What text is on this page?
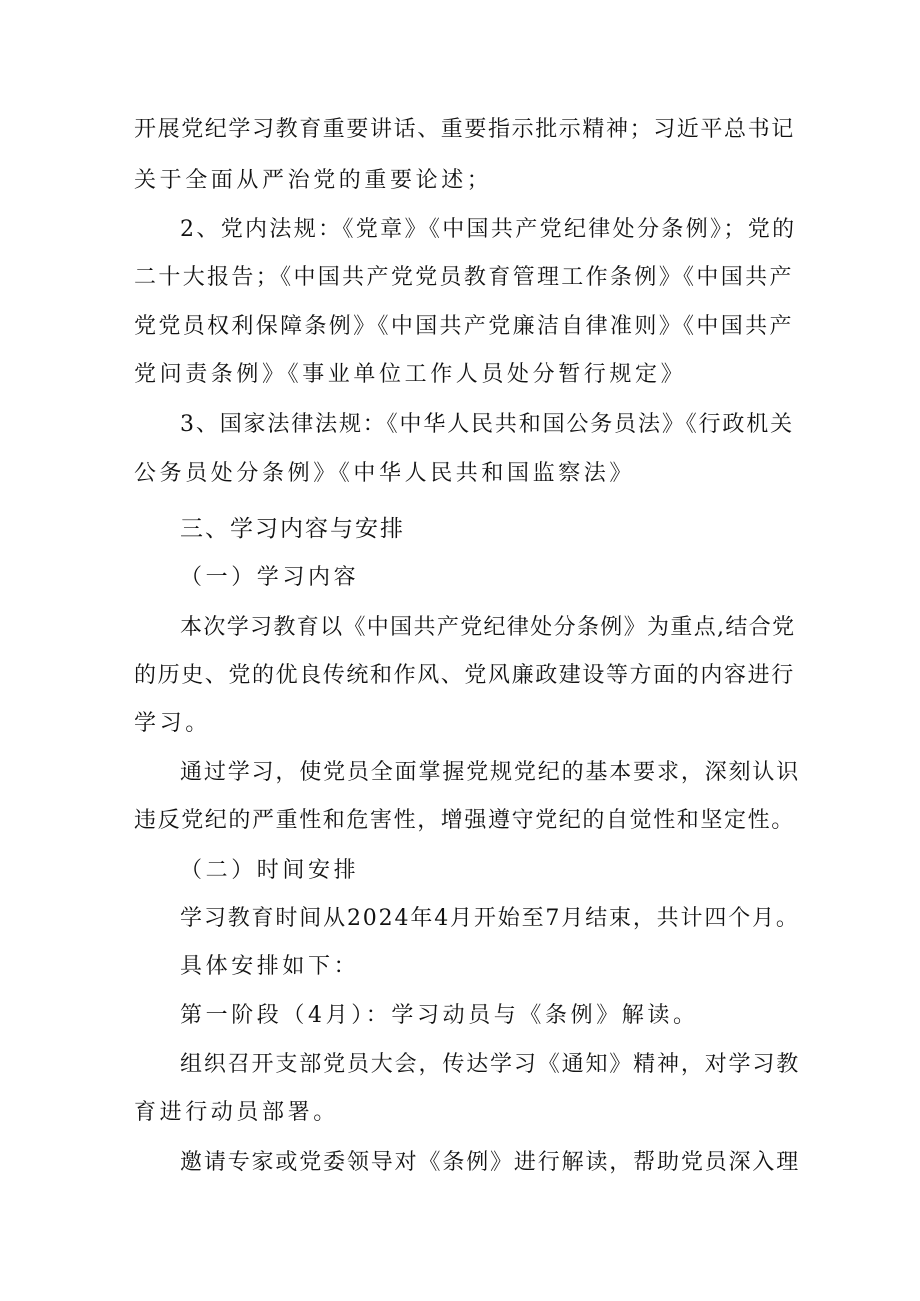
开展党纪学习教育重要讲话、重要指示批示精神；习近平总书记
关于全面从严治党的重要论述；
2、党内法规：《党章》《中国共产党纪律处分条例》；党的
二十大报告；《中国共产党党员教育管理工作条例》《中国共产
党党员权利保障条例》《中国共产党廉洁自律准则》《中国共产
党问责条例》《事业单位工作人员处分暂行规定》
3、国家法律法规：《中华人民共和国公务员法》《行政机关
公务员处分条例》《中华人民共和国监察法》
三、学习内容与安排
（一）学习内容
本次学习教育以《中国共产党纪律处分条例》为重点,结合党
的历史、党的优良传统和作风、党风廉政建设等方面的内容进行
学习。
通过学习，使党员全面掌握党规党纪的基本要求，深刻认识
违反党纪的严重性和危害性，增强遵守党纪的自觉性和坚定性。
（二）时间安排
学习教育时间从2024年4月开始至7月结束，共计四个月。
具体安排如下：
第一阶段（4月）：学习动员与《条例》解读。
组织召开支部党员大会，传达学习《通知》精神，对学习教
育进行动员部署。
邀请专家或党委领导对《条例》进行解读，帮助党员深入理
